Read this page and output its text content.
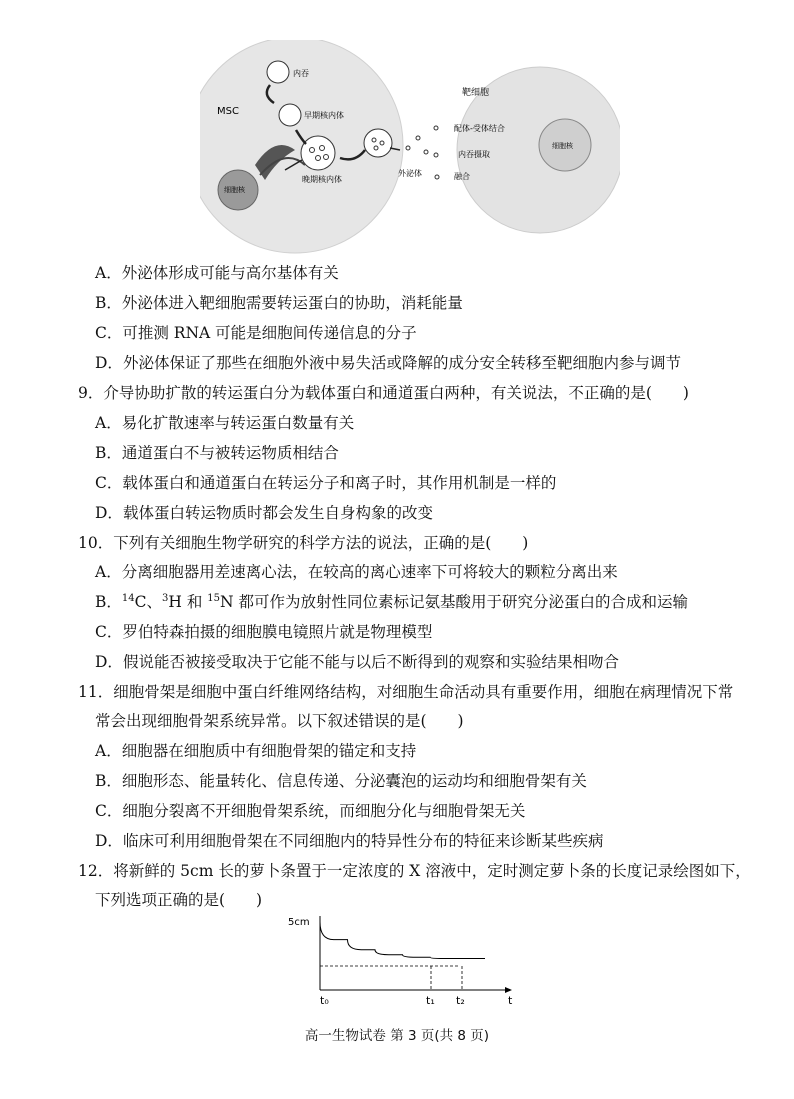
内吞
MSC	早期核内体
晚期核内体
细胞核
外泌体
靶细胞
配体-受体结合
内吞摄取
融合
细胞核
A．外泌体形成可能与高尔基体有关
B．外泌体进入靶细胞需要转运蛋白的协助，消耗能量
C．可推测 RNA 可能是细胞间传递信息的分子
D．外泌体保证了那些在细胞外液中易失活或降解的成分安全转移至靶细胞内参与调节
9．介导协助扩散的转运蛋白分为载体蛋白和通道蛋白两种，有关说法，不正确的是(　　)
A．易化扩散速率与转运蛋白数量有关
B．通道蛋白不与被转运物质相结合
C．载体蛋白和通道蛋白在转运分子和离子时，其作用机制是一样的
D．载体蛋白转运物质时都会发生自身构象的改变
10．下列有关细胞生物学研究的科学方法的说法，正确的是(　　)
A．分离细胞器用差速离心法，在较高的离心速率下可将较大的颗粒分离出来
B．$^{14}$C、$^3$H 和 $^{15}$N 都可作为放射性同位素标记氨基酸用于研究分泌蛋白的合成和运输
C．罗伯特森拍摄的细胞膜电镜照片就是物理模型
D．假说能否被接受取决于它能不能与以后不断得到的观察和实验结果相吻合
11．细胞骨架是细胞中蛋白纤维网络结构，对细胞生命活动具有重要作用，细胞在病理情况下常
常会出现细胞骨架系统异常。以下叙述错误的是(　　)
A．细胞器在细胞质中有细胞骨架的锚定和支持
B．细胞形态、能量转化、信息传递、分泌囊泡的运动均和细胞骨架有关
C．细胞分裂离不开细胞骨架系统，而细胞分化与细胞骨架无关
D．临床可利用细胞骨架在不同细胞内的特异性分布的特征来诊断某些疾病
12．将新鲜的 5cm 长的萝卜条置于一定浓度的 X 溶液中，定时测定萝卜条的长度记录绘图如下，
下列选项正确的是(　　)
5cm
t₀	t₁ t₂	t
高一生物试卷 第 3 页(共 8 页)
